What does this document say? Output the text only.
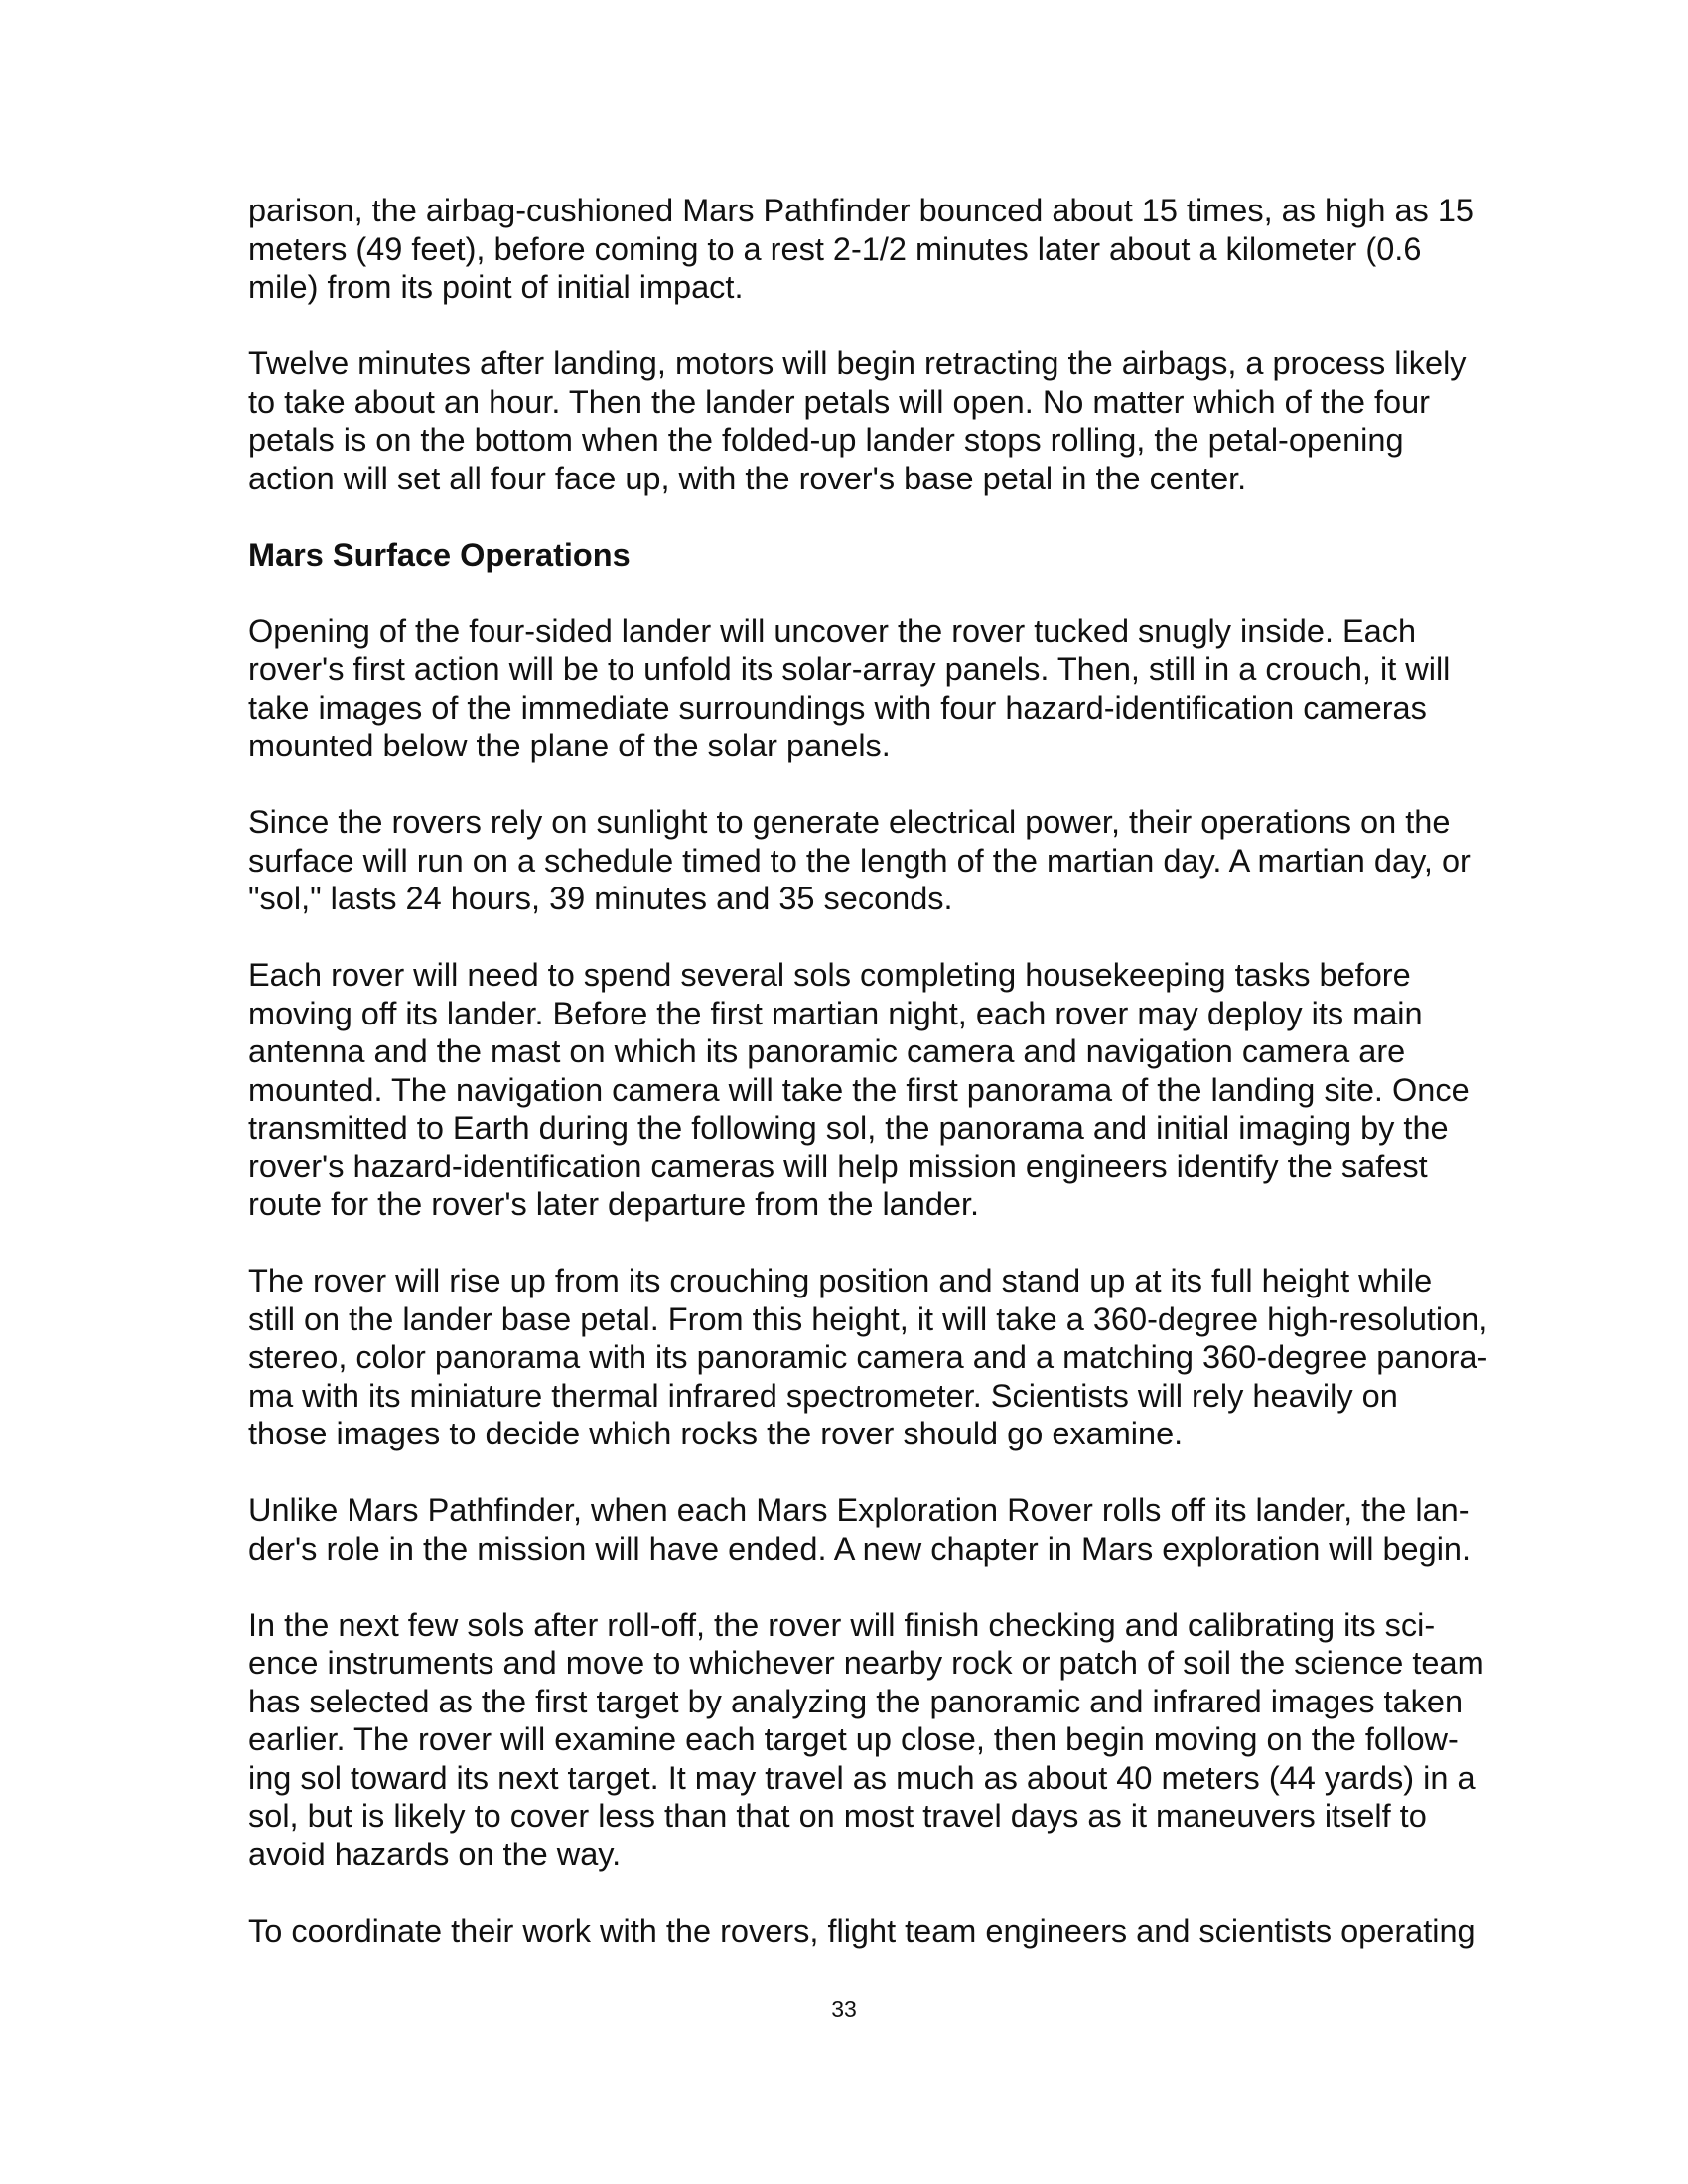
parison, the airbag-cushioned Mars Pathfinder bounced about 15 times, as high as 15
meters (49 feet), before coming to a rest 2-1/2 minutes later about a kilometer (0.6
mile) from its point of initial impact.
Twelve minutes after landing, motors will begin retracting the airbags, a process likely
to take about an hour. Then the lander petals will open. No matter which of the four
petals is on the bottom when the folded-up lander stops rolling, the petal-opening
action will set all four face up, with the rover's base petal in the center.
Mars Surface Operations
Opening of the four-sided lander will uncover the rover tucked snugly inside. Each
rover's first action will be to unfold its solar-array panels. Then, still in a crouch, it will
take images of the immediate surroundings with four hazard-identification cameras
mounted below the plane of the solar panels.
Since the rovers rely on sunlight to generate electrical power, their operations on the
surface will run on a schedule timed to the length of the martian day. A martian day, or
"sol," lasts 24 hours, 39 minutes and 35 seconds.
Each rover will need to spend several sols completing housekeeping tasks before
moving off its lander. Before the first martian night, each rover may deploy its main
antenna and the mast on which its panoramic camera and navigation camera are
mounted. The navigation camera will take the first panorama of the landing site. Once
transmitted to Earth during the following sol, the panorama and initial imaging by the
rover's hazard-identification cameras will help mission engineers identify the safest
route for the rover's later departure from the lander.
The rover will rise up from its crouching position and stand up at its full height while
still on the lander base petal. From this height, it will take a 360-degree high-resolution,
stereo, color panorama with its panoramic camera and a matching 360-degree panora-
ma with its miniature thermal infrared spectrometer. Scientists will rely heavily on
those images to decide which rocks the rover should go examine.
Unlike Mars Pathfinder, when each Mars Exploration Rover rolls off its lander, the lan-
der's role in the mission will have ended. A new chapter in Mars exploration will begin.
In the next few sols after roll-off, the rover will finish checking and calibrating its sci-
ence instruments and move to whichever nearby rock or patch of soil the science team
has selected as the first target by analyzing the panoramic and infrared images taken
earlier. The rover will examine each target up close, then begin moving on the follow-
ing sol toward its next target. It may travel as much as about 40 meters (44 yards) in a
sol, but is likely to cover less than that on most travel days as it maneuvers itself to
avoid hazards on the way.
To coordinate their work with the rovers, flight team engineers and scientists operating
33
